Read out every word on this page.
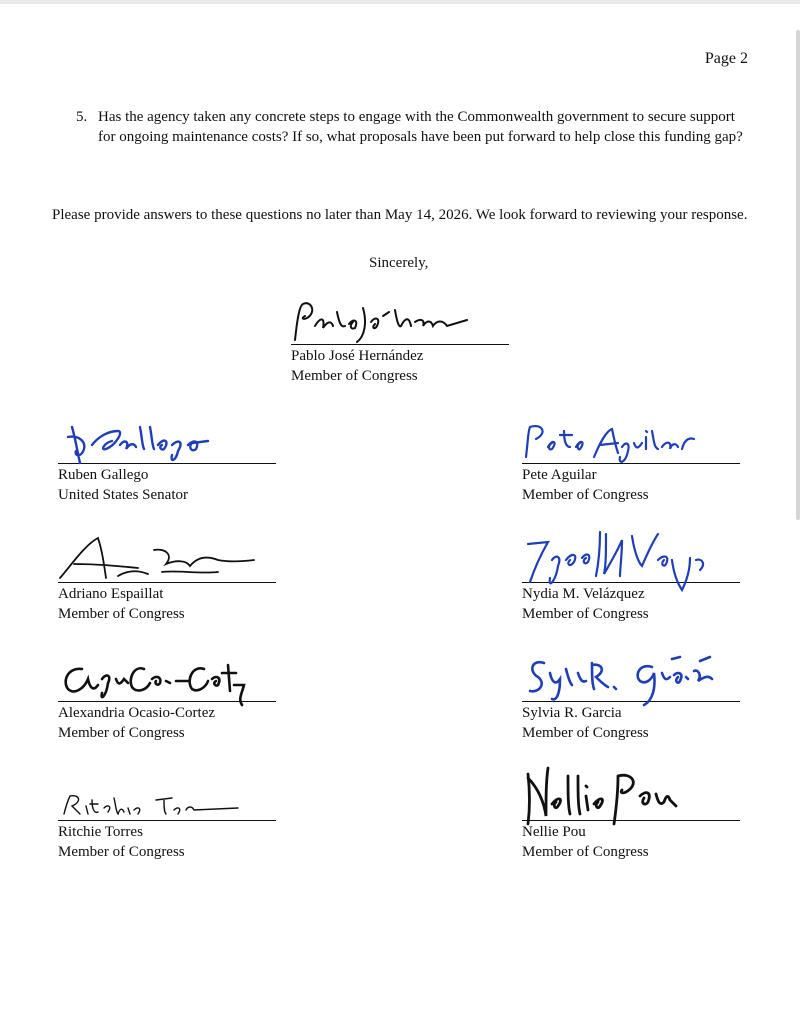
Page 2
5. Has the agency taken any concrete steps to engage with the Commonwealth government to secure support for ongoing maintenance costs? If so, what proposals have been put forward to help close this funding gap?
Please provide answers to these questions no later than May 14, 2026. We look forward to reviewing your response.
Sincerely,
Pablo José Hernández
Member of Congress
Ruben Gallego
United States Senator
Pete Aguilar
Member of Congress
Adriano Espaillat
Member of Congress
Nydia M. Velázquez
Member of Congress
Alexandria Ocasio-Cortez
Member of Congress
Sylvia R. Garcia
Member of Congress
Ritchie Torres
Member of Congress
Nellie Pou
Member of Congress
